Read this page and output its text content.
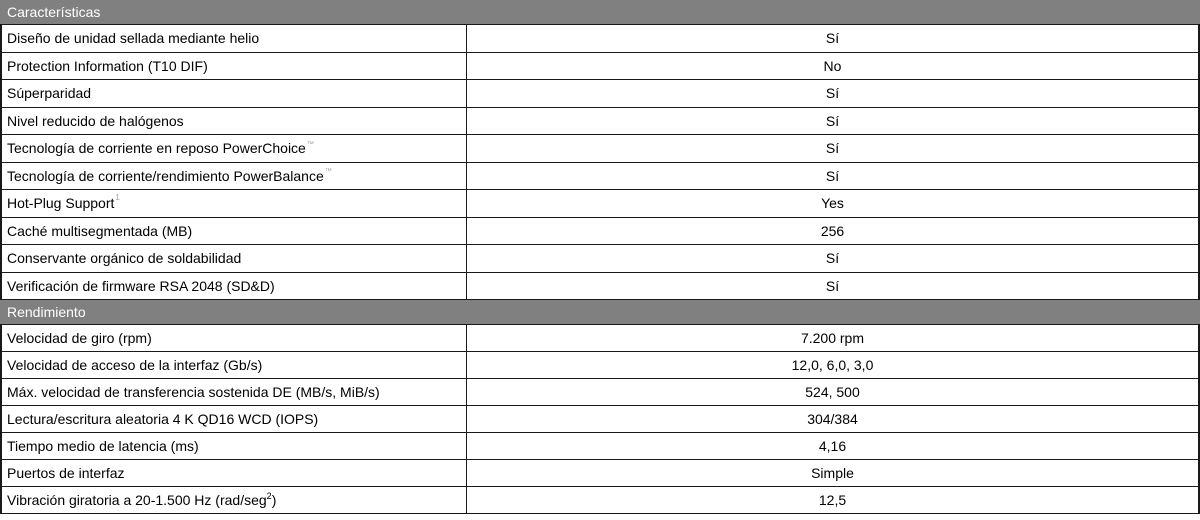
Características
Diseño de unidad sellada mediante helio	Sí
Protection Information (T10 DIF)	No
Súperparidad	Sí
Nivel reducido de halógenos	Sí
Tecnología de corriente en reposo PowerChoice ™	Sí
Tecnología de corriente/rendimiento PowerBalance ™	Sí
Hot-Plug Support 1	Yes
Caché multisegmentada (MB)	256
Conservante orgánico de soldabilidad	Sí
Verificación de firmware RSA 2048 (SD&D)	Sí
Rendimiento
Velocidad de giro (rpm)	7.200 rpm
Velocidad de acceso de la interfaz (Gb/s)	12,0, 6,0, 3,0
Máx. velocidad de transferencia sostenida DE (MB/s, MiB/s)	524, 500
Lectura/escritura aleatoria 4 K QD16 WCD (IOPS)	304/384
Tiempo medio de latencia (ms)	4,16
Puertos de interfaz	Simple
Vibración giratoria a 20-1.500 Hz (rad/seg 2 )	12,5
